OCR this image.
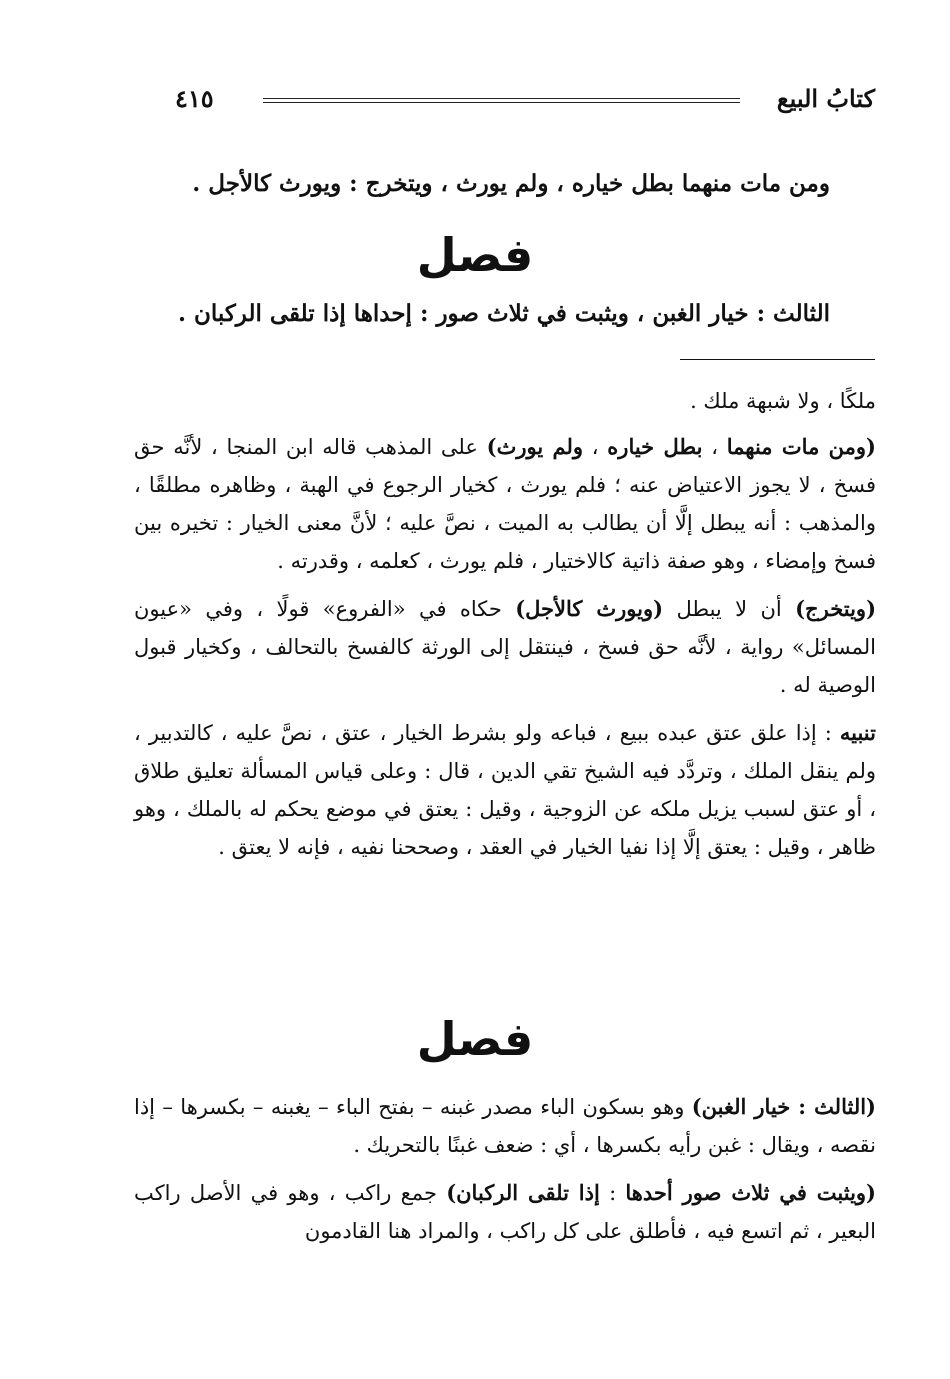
كتابُ البيع
٤١٥
ومن مات منهما بطل خياره ، ولم يورث ، ويتخرج : ويورث كالأجل .
فصل
الثالث : خيار الغبن ، ويثبت في ثلاث صور : إحداها إذا تلقى الركبان .

ملكًا ، ولا شبهة ملك .

(ومن مات منهما ، بطل خياره ، ولم يورث) على المذهب قاله ابن المنجا ، لأنَّه حق فسخ ، لا يجوز الاعتياض عنه ؛ فلم يورث ، كخيار الرجوع في الهبة ، وظاهره مطلقًا ، والمذهب : أنه يبطل إلَّا أن يطالب به الميت ، نصَّ عليه ؛ لأنَّ معنى الخيار : تخيره بين فسخ وإمضاء ، وهو صفة ذاتية كالاختيار ، فلم يورث ، كعلمه ، وقدرته .

(ويتخرج) أن لا يبطل (ويورث كالأجل) حكاه في «الفروع» قولًا ، وفي «عيون المسائل» رواية ، لأنَّه حق فسخ ، فينتقل إلى الورثة كالفسخ بالتحالف ، وكخيار قبول الوصية له .

تنبيه : إذا علق عتق عبده ببيع ، فباعه ولو بشرط الخيار ، عتق ، نصَّ عليه ، كالتدبير ، ولم ينقل الملك ، وتردَّد فيه الشيخ تقي الدين ، قال : وعلى قياس المسألة تعليق طلاق ، أو عتق لسبب يزيل ملكه عن الزوجية ، وقيل : يعتق في موضع يحكم له بالملك ، وهو ظاهر ، وقيل : يعتق إلَّا إذا نفيا الخيار في العقد ، وصححنا نفيه ، فإنه لا يعتق .

فصل

(الثالث : خيار الغبن) وهو بسكون الباء مصدر غبنه – بفتح الباء – يغبنه – بكسرها – إذا نقصه ، ويقال : غبن رأيه بكسرها ، أي : ضعف غبنًا بالتحريك .

(ويثبت في ثلاث صور أحدها : إذا تلقى الركبان) جمع راكب ، وهو في الأصل راكب البعير ، ثم اتسع فيه ، فأطلق على كل راكب ، والمراد هنا القادمون
